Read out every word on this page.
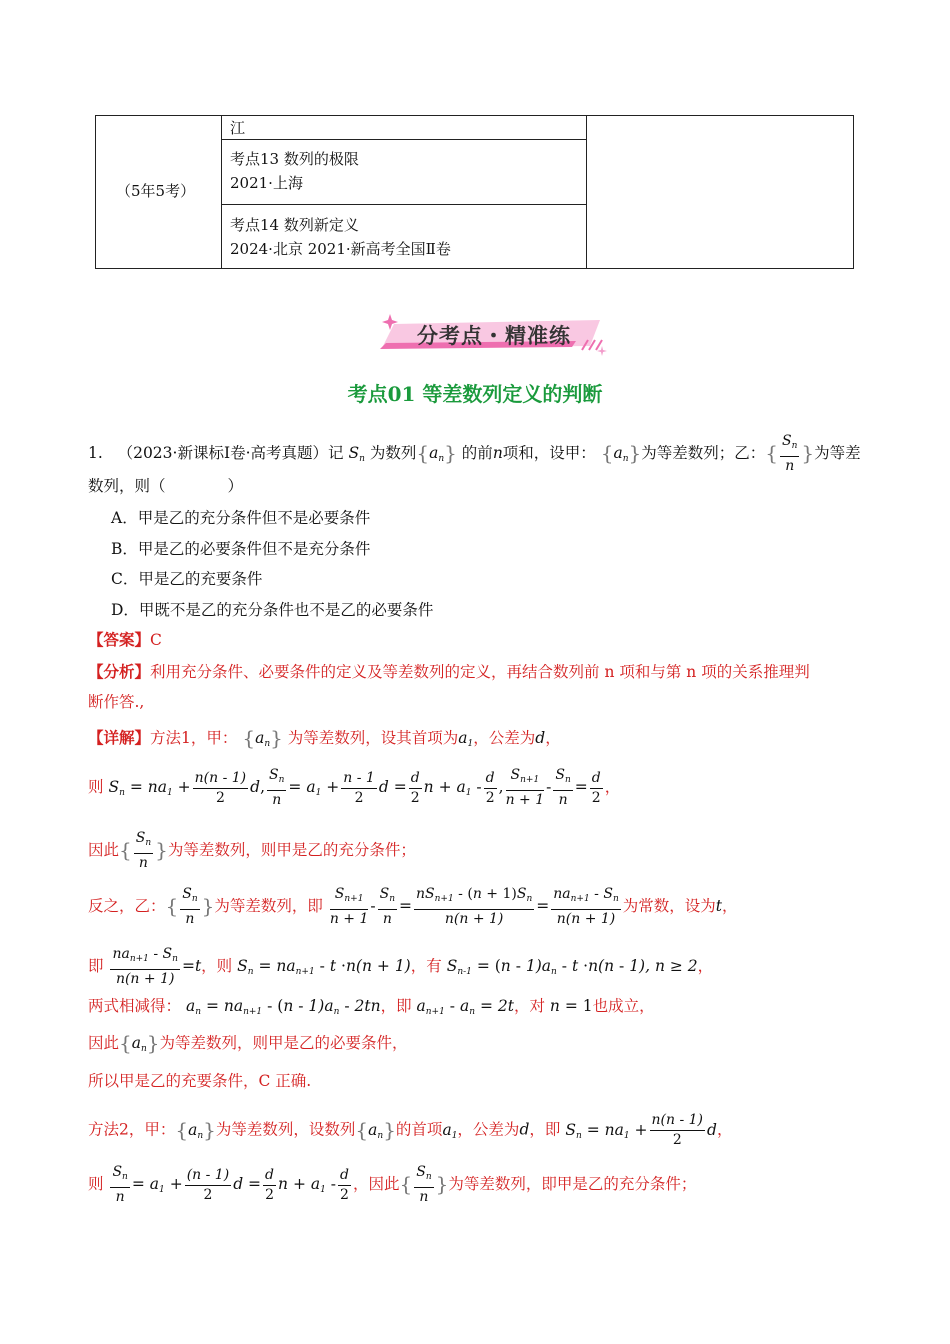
（5年5考）
江
考点13 数列的极限
2021·上海
考点14 数列新定义
2024·北京 2021·新高考全国Ⅱ卷
分考点・精准练
考点01 等差数列定义的判断
1. （2023·新课标Ⅰ卷·高考真题）记 $S_n$ 为数列$\{a_n\}$ 的前n项和，设甲： $\{a_n\}$为等差数列；乙：{ $\frac{S_n}{n}$ }为等差
数列，则（　　　　）
A．甲是乙的充分条件但不是必要条件
B．甲是乙的必要条件但不是充分条件
C．甲是乙的充要条件
D．甲既不是乙的充分条件也不是乙的必要条件
【答案】C
【分析】利用充分条件、必要条件的定义及等差数列的定义，再结合数列前 n 项和与第 n 项的关系推理判
断作答.,
【详解】方法1，甲： $\{a_n\}$ 为等差数列，设其首项为$a_1$，公差为d，
则 $S_n = na_1 + \frac{n(n - 1)}{2} d$, $\frac{S_n}{n} = a_1 + \frac{n - 1}{2}$ $d = \frac{d}{2}$ $n + a_1 - \frac{d}{2}$ , $\frac{S_{n+1}}{n + 1} - \frac{S_n}{n} = \frac{d}{2}$ ，
因此{ $\frac{S_n}{n}$ }为等差数列，则甲是乙的充分条件；
反之，乙：{ $\frac{S_n}{n}$ }为等差数列，即 $\frac{S_{n+1}}{n + 1} - \frac{S_n}{n} = \frac{nS_{n+1} - (n + 1)S_n}{n(n + 1)} = \frac{na_{n+1} - S_n}{n(n + 1)}$ 为常数，设为t，
即 $\frac{na_{n+1} - S_n}{n(n + 1)} =t$，则 $S_n = na_{n+1} - t \cdot n(n + 1)$，有 $S_{n-1} = (n - 1)a_n - t \cdot n(n - 1)$, n ≥ 2，
两式相减得： $a_n = na_{n+1} - (n - 1)a_n - 2tn$，即 $a_{n+1} - a_n = 2t$，对 n = 1也成立，
因此$\{a_n\}$为等差数列，则甲是乙的必要条件，
所以甲是乙的充要条件，C 正确.
方法2，甲：$\{a_n\}$为等差数列，设数列$\{a_n\}$的首项$a_1$，公差为d，即 $S_n = na_1 + \frac{n(n - 1)}{2}$ d，
则 $\frac{S_n}{n} = a_1 + \frac{(n - 1)}{2}$ $d = \frac{d}{2}$ $n + a_1 - \frac{d}{2}$ ，因此{ $\frac{S_n}{n}$ }为等差数列，即甲是乙的充分条件；
